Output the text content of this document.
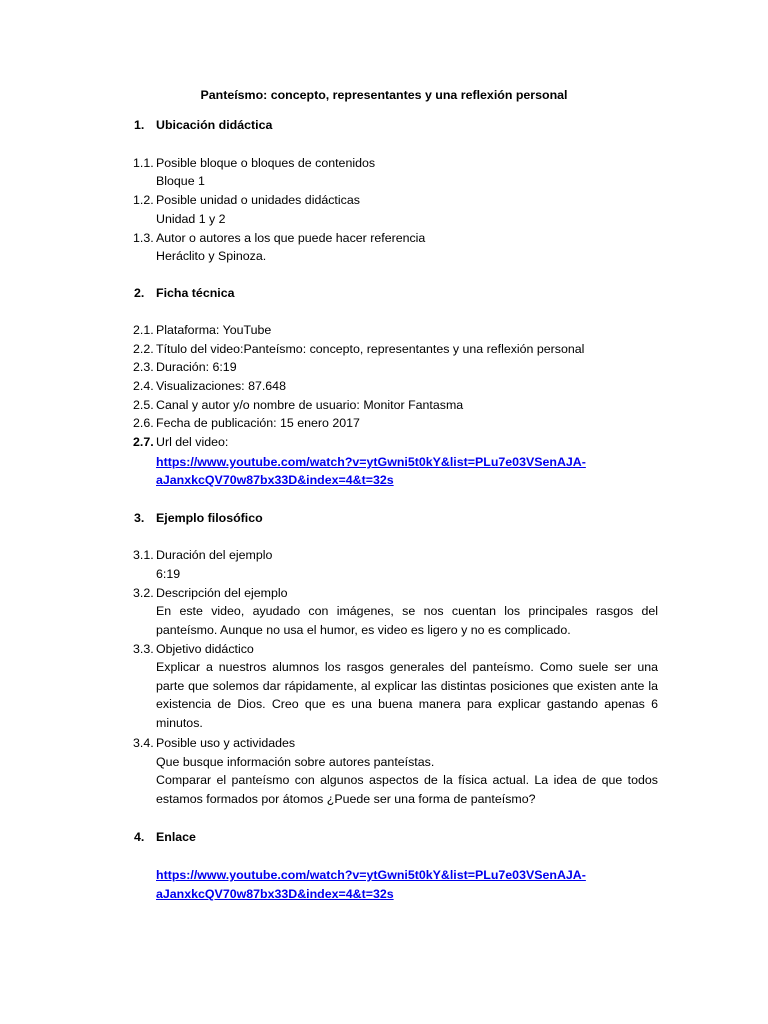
Panteísmo: concepto, representantes y una reflexión personal
1. Ubicación didáctica
1.1. Posible bloque o bloques de contenidos
Bloque 1
1.2. Posible unidad o unidades didácticas
Unidad 1 y 2
1.3. Autor o autores a los que puede hacer referencia
Heráclito y Spinoza.
2. Ficha técnica
2.1. Plataforma: YouTube
2.2. Título del video:Panteísmo: concepto, representantes y una reflexión personal
2.3. Duración: 6:19
2.4. Visualizaciones: 87.648
2.5. Canal y autor y/o nombre de usuario: Monitor Fantasma
2.6. Fecha de publicación: 15 enero 2017
2.7. Url del video:
https://www.youtube.com/watch?v=ytGwni5t0kY&list=PLu7e03VSenAJA-
aJanxkcQV70w87bx33D&index=4&t=32s
3. Ejemplo filosófico
3.1. Duración del ejemplo
6:19
3.2. Descripción del ejemplo
En este video, ayudado con imágenes, se nos cuentan los principales rasgos del panteísmo. Aunque no usa el humor, es video es ligero y no es complicado.
3.3. Objetivo didáctico
Explicar a nuestros alumnos los rasgos generales del panteísmo. Como suele ser una parte que solemos dar rápidamente, al explicar las distintas posiciones que existen ante la existencia de Dios. Creo que es una buena manera para explicar gastando apenas 6 minutos.
3.4. Posible uso y actividades
Que busque información sobre autores panteístas.
Comparar el panteísmo con algunos aspectos de la física actual. La idea de que todos estamos formados por átomos ¿Puede ser una forma de panteísmo?
4. Enlace
https://www.youtube.com/watch?v=ytGwni5t0kY&list=PLu7e03VSenAJA-
aJanxkcQV70w87bx33D&index=4&t=32s
